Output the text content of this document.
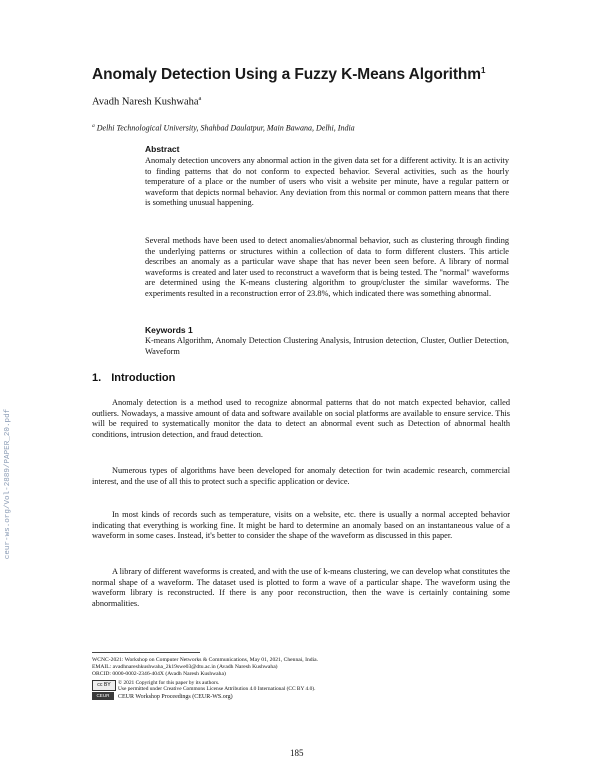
ceur-ws.org/Vol-2889/PAPER_20.pdf
Anomaly Detection Using a Fuzzy K-Means Algorithm$^1$
Avadh Naresh Kushwaha$^a$
$^a$ Delhi Technological University, Shahbad Daulatpur, Main Bawana, Delhi, India
Abstract
Anomaly detection uncovers any abnormal action in the given data set for a different activity. It is an activity to finding patterns that do not conform to expected behavior. Several activities, such as the hourly temperature of a place or the number of users who visit a website per minute, have a regular pattern or waveform that depicts normal behavior. Any deviation from this normal or common pattern means that there is something unusual happening.
Several methods have been used to detect anomalies/abnormal behavior, such as clustering through finding the underlying patterns or structures within a collection of data to form different clusters. This article describes an anomaly as a particular wave shape that has never been seen before. A library of normal waveforms is created and later used to reconstruct a waveform that is being tested. The "normal" waveforms are determined using the K-means clustering algorithm to group/cluster the similar waveforms. The experiments resulted in a reconstruction error of 23.8%, which indicated there was something abnormal.
Keywords 1
K-means Algorithm, Anomaly Detection Clustering Analysis, Intrusion detection, Cluster, Outlier Detection, Waveform
1. Introduction
Anomaly detection is a method used to recognize abnormal patterns that do not match expected behavior, called outliers. Nowadays, a massive amount of data and software available on social platforms are available to ensure service. This will be required to systematically monitor the data to detect an abnormal event such as Detection of abnormal health conditions, intrusion detection, and fraud detection.
Numerous types of algorithms have been developed for anomaly detection for twin academic research, commercial interest, and the use of all this to protect such a specific application or device.
In most kinds of records such as temperature, visits on a website, etc. there is usually a normal accepted behavior indicating that everything is working fine. It might be hard to determine an anomaly based on an instantaneous value of a waveform in some cases. Instead, it's better to consider the shape of the waveform as discussed in this paper.
A library of different waveforms is created, and with the use of k-means clustering, we can develop what constitutes the normal shape of a waveform. The dataset used is plotted to form a wave of a particular shape. The waveform using the waveform library is reconstructed. If there is any poor reconstruction, then the wave is certainly containing some abnormalities.
WCNC-2021: Workshop on Computer Networks & Communications, May 01, 2021, Chennai, India.
EMAIL: avadhnareshkushwaha_2k19swe03@dtu.ac.in (Avadh Naresh Kushwaha)
ORCID: 0000-0002-2346-404X (Avadh Naresh Kushwaha)
cc BY	© 2021 Copyright for this paper by its authors.
Use permitted under Creative Commons License Attribution 4.0 International (CC BY 4.0).
CEUR	CEUR Workshop Proceedings (CEUR-WS.org)
185
